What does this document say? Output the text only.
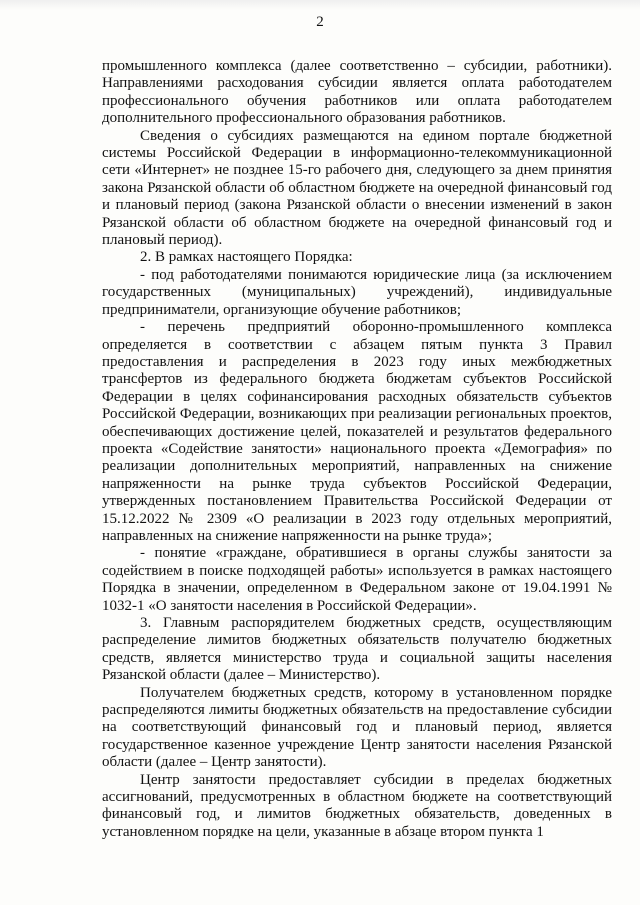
2

промышленного комплекса (далее соответственно – субсидии, работники). Направлениями расходования субсидии является оплата работодателем профессионального обучения работников или оплата работодателем дополнительного профессионального образования работников.

Сведения о субсидиях размещаются на едином портале бюджетной системы Российской Федерации в информационно-телекоммуникационной сети «Интернет» не позднее 15-го рабочего дня, следующего за днем принятия закона Рязанской области об областном бюджете на очередной финансовый год и плановый период (закона Рязанской области о внесении изменений в закон Рязанской области об областном бюджете на очередной финансовый год и плановый период).

2. В рамках настоящего Порядка:

- под работодателями понимаются юридические лица (за исключением государственных (муниципальных) учреждений), индивидуальные предприниматели, организующие обучение работников;

- перечень предприятий оборонно-промышленного комплекса определяется в соответствии с абзацем пятым пункта 3 Правил предоставления и распределения в 2023 году иных межбюджетных трансфертов из федерального бюджета бюджетам субъектов Российской Федерации в целях софинансирования расходных обязательств субъектов Российской Федерации, возникающих при реализации региональных проектов, обеспечивающих достижение целей, показателей и результатов федерального проекта «Содействие занятости» национального проекта «Демография» по реализации дополнительных мероприятий, направленных на снижение напряженности на рынке труда субъектов Российской Федерации, утвержденных постановлением Правительства Российской Федерации от 15.12.2022 № 2309 «О реализации в 2023 году отдельных мероприятий, направленных на снижение напряженности на рынке труда»;

- понятие «граждане, обратившиеся в органы службы занятости за содействием в поиске подходящей работы» используется в рамках настоящего Порядка в значении, определенном в Федеральном законе от 19.04.1991 № 1032-1 «О занятости населения в Российской Федерации».

3. Главным распорядителем бюджетных средств, осуществляющим распределение лимитов бюджетных обязательств получателю бюджетных средств, является министерство труда и социальной защиты населения Рязанской области (далее – Министерство).

Получателем бюджетных средств, которому в установленном порядке распределяются лимиты бюджетных обязательств на предоставление субсидии на соответствующий финансовый год и плановый период, является государственное казенное учреждение Центр занятости населения Рязанской области (далее – Центр занятости).

Центр занятости предоставляет субсидии в пределах бюджетных ассигнований, предусмотренных в областном бюджете на соответствующий финансовый год, и лимитов бюджетных обязательств, доведенных в установленном порядке на цели, указанные в абзаце втором пункта 1
